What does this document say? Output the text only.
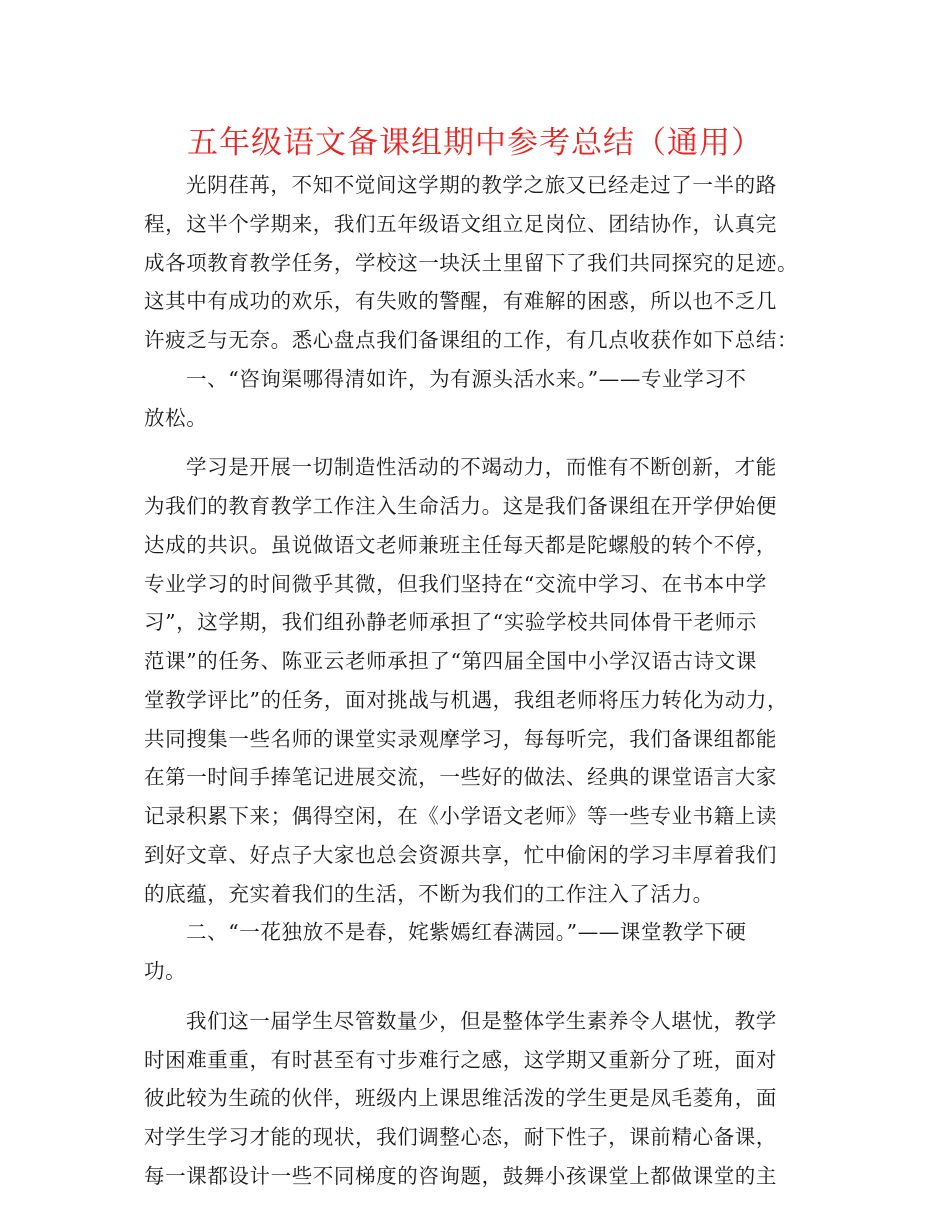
五年级语文备课组期中参考总结（通用）
光阴荏苒，不知不觉间这学期的教学之旅又已经走过了一半的路
程，这半个学期来，我们五年级语文组立足岗位、团结协作，认真完
成各项教育教学任务，学校这一块沃土里留下了我们共同探究的足迹。
这其中有成功的欢乐，有失败的警醒，有难解的困惑，所以也不乏几
许疲乏与无奈。悉心盘点我们备课组的工作，有几点收获作如下总结：
一、“咨询渠哪得清如许，为有源头活水来。”——专业学习不
放松。
学习是开展一切制造性活动的不竭动力，而惟有不断创新，才能
为我们的教育教学工作注入生命活力。这是我们备课组在开学伊始便
达成的共识。虽说做语文老师兼班主任每天都是陀螺般的转个不停，
专业学习的时间微乎其微，但我们坚持在“交流中学习、在书本中学
习”，这学期，我们组孙静老师承担了“实验学校共同体骨干老师示
范课”的任务、陈亚云老师承担了“第四届全国中小学汉语古诗文课
堂教学评比”的任务，面对挑战与机遇，我组老师将压力转化为动力，
共同搜集一些名师的课堂实录观摩学习，每每听完，我们备课组都能
在第一时间手捧笔记进展交流，一些好的做法、经典的课堂语言大家
记录积累下来；偶得空闲，在《小学语文老师》等一些专业书籍上读
到好文章、好点子大家也总会资源共享，忙中偷闲的学习丰厚着我们
的底蕴，充实着我们的生活，不断为我们的工作注入了活力。
二、“一花独放不是春，姹紫嫣红春满园。”——课堂教学下硬
功。
我们这一届学生尽管数量少，但是整体学生素养令人堪忧，教学
时困难重重，有时甚至有寸步难行之感，这学期又重新分了班，面对
彼此较为生疏的伙伴，班级内上课思维活泼的学生更是凤毛菱角，面
对学生学习才能的现状，我们调整心态，耐下性子，课前精心备课，
每一课都设计一些不同梯度的咨询题，鼓舞小孩课堂上都做课堂的主
